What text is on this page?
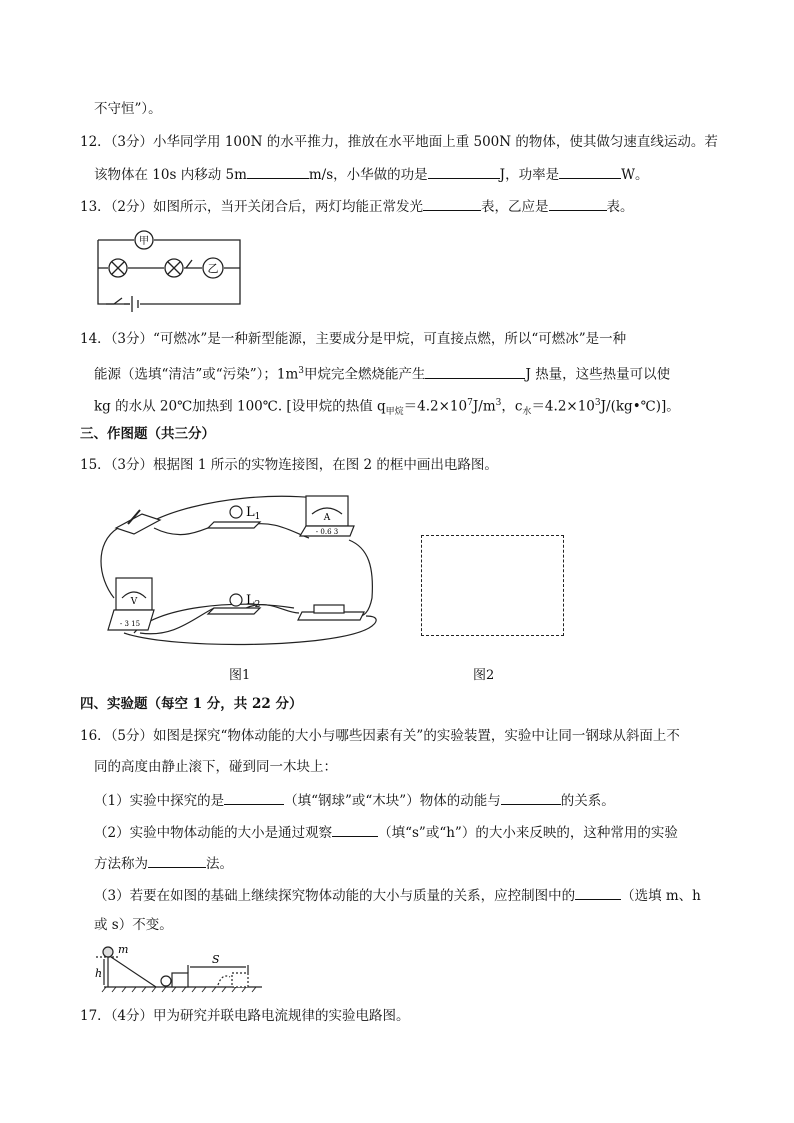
不守恒”）。
12．（3分）小华同学用 100N 的水平推力，推放在水平地面上重 500N 的物体，使其做匀速直线运动。若
该物体在 10s 内移动 5m	m/s，小华做的功是	J，功率是	W。
13．（2分）如图所示，当开关闭合后，两灯均能正常发光	表，乙应是	表。
甲
乙
14．（3分）“可燃冰”是一种新型能源，主要成分是甲烷，可直接点燃，所以“可燃冰”是一种
能源（选填“清洁”或“污染”）；$1m^3$甲烷完全燃烧能产生	J 热量，这些热量可以使
kg 的水从 20℃加热到 100℃. [设甲烷的热值 $q_{甲烷}=4.2\times 10^7J/m^3$，$c_水=4.2\times 10^3J/(kg•℃)$]。
三、作图题（共三分）
15．（3分）根据图 1 所示的实物连接图，在图 2 的框中画出电路图。
$L_1$
$L_2$
A
- 0.6 3
V
- 3 15
图1	图2
四、实验题（每空 1 分，共 22 分）
16．（5分）如图是探究“物体动能的大小与哪些因素有关”的实验装置，实验中让同一钢球从斜面上不
同的高度由静止滚下，碰到同一木块上：
（1）实验中探究的是	（填“钢球”或“木块”）物体的动能与	的关系。
（2）实验中物体动能的大小是通过观察	（填“s”或“h”）的大小来反映的，这种常用的实验
方法称为	法。
（3）若要在如图的基础上继续探究物体动能的大小与质量的关系，应控制图中的	（选填 m、h
或 s）不变。
m
h
S
17．（4分）甲为研究并联电路电流规律的实验电路图。
